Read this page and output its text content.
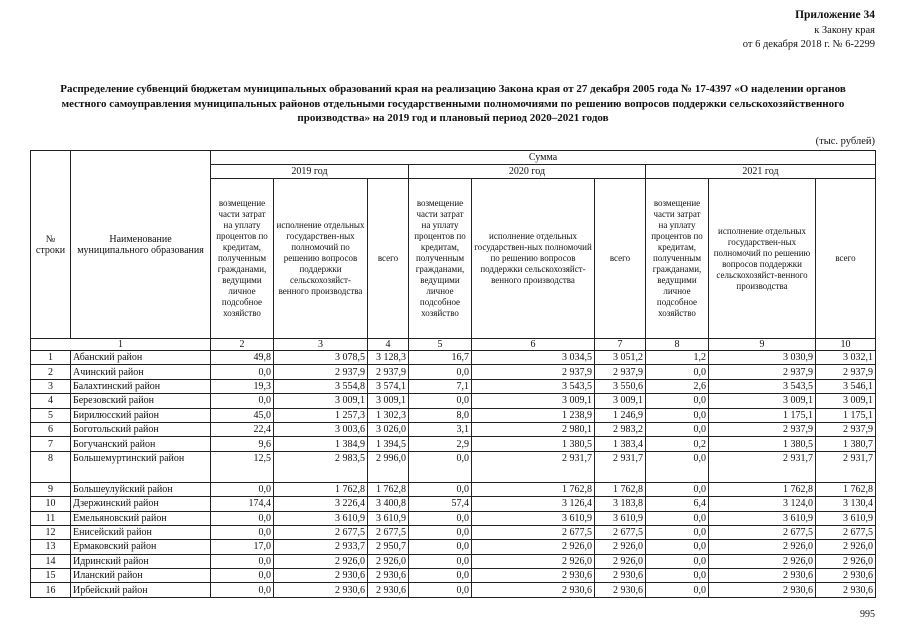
Приложение 34
к Закону края
от 6 декабря 2018 г. № 6-2299
Распределение субвенций бюджетам муниципальных образований края на реализацию Закона края от 27 декабря 2005 года № 17-4397 «О наделении органов
местного самоуправления муниципальных районов отдельными государственными полномочиями по решению вопросов поддержки сельскохозяйственного
производства» на 2019 год и плановый период 2020–2021 годов
(тыс. рублей)
№ строки	Наименование муниципального образования	Сумма								
		2019 год			2020 год			2021 год		
		возмещение части затрат на уплату процентов по кредитам, полученным гражданами, ведущими личное подсобное хозяйство	исполнение отдельных государствен-ных полномочий по решению вопросов поддержки сельскохозяйст-венного производства	всего	возмещение части затрат на уплату процентов по кредитам, полученным гражданами, ведущими личное подсобное хозяйство	исполнение отдельных государствен-ных полномочий по решению вопросов поддержки сельскохозяйст-венного производства	всего	возмещение части затрат на уплату процентов по кредитам, полученным гражданами, ведущими личное подсобное хозяйство	исполнение отдельных государствен-ных полномочий по решению вопросов поддержки сельскохозяйст-венного производства	всего
1		2	3	4	5	6	7	8	9	10
1	Абанский район	49,8	3 078,5	3 128,3	16,7	3 034,5	3 051,2	1,2	3 030,9	3 032,1
2	Ачинский район	0,0	2 937,9	2 937,9	0,0	2 937,9	2 937,9	0,0	2 937,9	2 937,9
3	Балахтинский район	19,3	3 554,8	3 574,1	7,1	3 543,5	3 550,6	2,6	3 543,5	3 546,1
4	Березовский район	0,0	3 009,1	3 009,1	0,0	3 009,1	3 009,1	0,0	3 009,1	3 009,1
5	Бирилюсский район	45,0	1 257,3	1 302,3	8,0	1 238,9	1 246,9	0,0	1 175,1	1 175,1
6	Боготольский район	22,4	3 003,6	3 026,0	3,1	2 980,1	2 983,2	0,0	2 937,9	2 937,9
7	Богучанский район	9,6	1 384,9	1 394,5	2,9	1 380,5	1 383,4	0,2	1 380,5	1 380,7
8	Большемуртинский район	12,5	2 983,5	2 996,0	0,0	2 931,7	2 931,7	0,0	2 931,7	2 931,7
9	Большеулуйский район	0,0	1 762,8	1 762,8	0,0	1 762,8	1 762,8	0,0	1 762,8	1 762,8
10	Дзержинский район	174,4	3 226,4	3 400,8	57,4	3 126,4	3 183,8	6,4	3 124,0	3 130,4
11	Емельяновский район	0,0	3 610,9	3 610,9	0,0	3 610,9	3 610,9	0,0	3 610,9	3 610,9
12	Енисейский район	0,0	2 677,5	2 677,5	0,0	2 677,5	2 677,5	0,0	2 677,5	2 677,5
13	Ермаковский район	17,0	2 933,7	2 950,7	0,0	2 926,0	2 926,0	0,0	2 926,0	2 926,0
14	Идринский район	0,0	2 926,0	2 926,0	0,0	2 926,0	2 926,0	0,0	2 926,0	2 926,0
15	Иланский район	0,0	2 930,6	2 930,6	0,0	2 930,6	2 930,6	0,0	2 930,6	2 930,6
16	Ирбейский район	0,0	2 930,6	2 930,6	0,0	2 930,6	2 930,6	0,0	2 930,6	2 930,6
995
